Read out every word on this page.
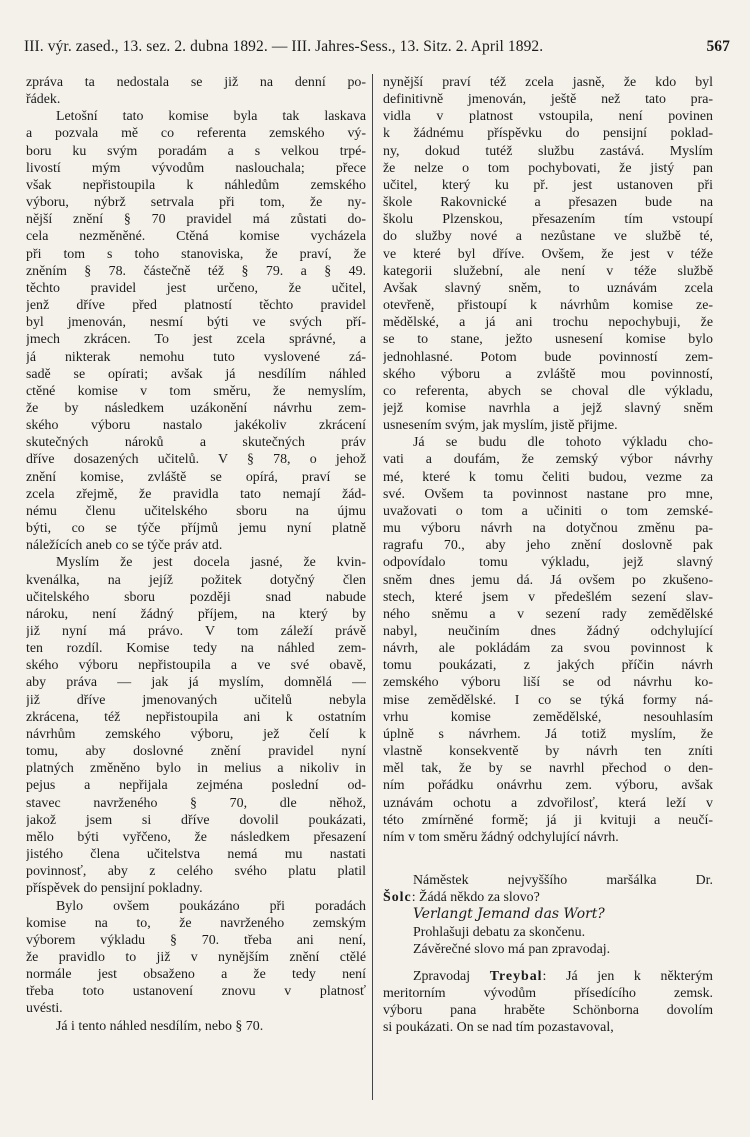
III. výr. zased., 13. sez. 2. dubna 1892. — III. Jahres-Sess., 13. Sitz. 2. April 1892.	567
zpráva ta nedostala se již na denní po-
řádek.
Letošní tato komise byla tak laskava
a pozvala mě co referenta zemského vý-
boru ku svým poradám a s velkou trpé-
livostí mým vývodům naslouchala; přece
však nepřistoupila k náhledům zemského
výboru, nýbrž setrvala při tom, že ny-
nější znění § 70 pravidel má zůstati do-
cela nezměněné. Ctěná komise vycházela
při tom s toho stanoviska, že praví, že
zněním § 78. částečně též § 79. a § 49.
těchto pravidel jest určeno, že učitel,
jenž dříve před platností těchto pravidel
byl jmenován, nesmí býti ve svých pří-
jmech zkrácen. To jest zcela správné, a
já nikterak nemohu tuto vyslovené zá-
sadě se opírati; avšak já nesdílím náhled
ctěné komise v tom směru, že nemyslím,
že by následkem uzákonění návrhu zem-
ského výboru nastalo jakékoliv zkrácení
skutečných nároků a skutečných práv
dříve dosazených učitelů. V § 78, o jehož
znění komise, zvláště se opírá, praví se
zcela zřejmě, že pravidla tato nemají žád-
nému členu učitelského sboru na újmu
býti, co se týče příjmů jemu nyní platně
náležících aneb co se týče práv atd.
Myslím že jest docela jasné, že kvin-
kvenálka, na jejíž požitek dotyčný člen
učitelského sboru později snad nabude
nároku, není žádný příjem, na který by
již nyní má právo. V tom záleží právě
ten rozdíl. Komise tedy na náhled zem-
ského výboru nepřistoupila a ve své obavě,
aby práva — jak já myslím, domnělá —
již dříve jmenovaných učitelů nebyla
zkrácena, též nepřistoupila ani k ostatním
návrhům zemského výboru, jež čelí k
tomu, aby doslovné znění pravidel nyní
platných změněno bylo in melius a nikoliv in
pejus a nepřijala zejména poslední od-
stavec navrženého § 70, dle něhož,
jakož jsem si dříve dovolil poukázati,
mělo býti vyřčeno, že následkem přesazení
jistého člena učitelstva nemá mu nastati
povinnosť, aby z celého svého platu platil
příspěvek do pensijní pokladny.
Bylo ovšem poukázáno při poradách
komise na to, že navrženého zemským
výborem výkladu § 70. třeba ani není,
že pravidlo to již v nynějším znění ctělé
normále jest obsaženo a že tedy není
třeba toto ustanovení znovu v platnosť
uvésti.
Já i tento náhled nesdílím, nebo § 70.
nynější praví též zcela jasně, že kdo byl
definitivně jmenován, ještě než tato pra-
vidla v platnost vstoupila, není povinen
k žádnému příspěvku do pensijní poklad-
ny, dokud tutéž službu zastává. Myslím
že nelze o tom pochybovati, že jistý pan
učitel, který ku př. jest ustanoven při
škole Rakovnické a přesazen bude na
školu Plzenskou, přesazením tím vstoupí
do služby nové a nezůstane ve službě té,
ve které byl dříve. Ovšem, že jest v téže
kategorii služební, ale není v téže službě
Avšak slavný sněm, to uznávám zcela
otevřeně, přistoupí k návrhům komise ze-
mědělské, a já ani trochu nepochybuji, že
se to stane, ježto usnesení komise bylo
jednohlasné. Potom bude povinností zem-
ského výboru a zvláště mou povinností,
co referenta, abych se choval dle výkladu,
jejž komise navrhla a jejž slavný sněm
usnesením svým, jak myslím, jistě přijme.
Já se budu dle tohoto výkladu cho-
vati a doufám, že zemský výbor návrhy
mé, které k tomu čeliti budou, vezme za
své. Ovšem ta povinnost nastane pro mne,
uvažovati o tom a učiniti o tom zemské-
mu výboru návrh na dotyčnou změnu pa-
ragrafu 70., aby jeho znění doslovně pak
odpovídalo tomu výkladu, jejž slavný
sněm dnes jemu dá. Já ovšem po zkušeno-
stech, které jsem v předešlém sezení slav-
ného sněmu a v sezení rady zemědělské
nabyl, neučiním dnes žádný odchylující
návrh, ale pokládám za svou povinnost k
tomu poukázati, z jakých příčin návrh
zemského výboru liší se od návrhu ko-
mise zemědělské. I co se týká formy ná-
vrhu komise zemědělské, nesouhlasím
úplně s návrhem. Já totiž myslím, že
vlastně konsekventě by návrh ten zníti
měl tak, že by se navrhl přechod o den-
ním pořádku onávrhu zem. výboru, avšak
uznávám ochotu a zdvořilosť, která leží v
této zmírněné formě; já ji kvituji a neučí-
ním v tom směru žádný odchylující návrh.
Náměstek nejvyššího maršálka Dr.
Šolc: Žádá někdo za slovo?
Verlangt Jemand das Wort?
Prohlašuji debatu za skončenu.
Závěrečné slovo má pan zpravodaj.
Zpravodaj Treybal: Já jen k některým
meritorním vývodům přísedícího zemsk.
výboru pana hraběte Schönborna dovolím
si poukázati. On se nad tím pozastavoval,
